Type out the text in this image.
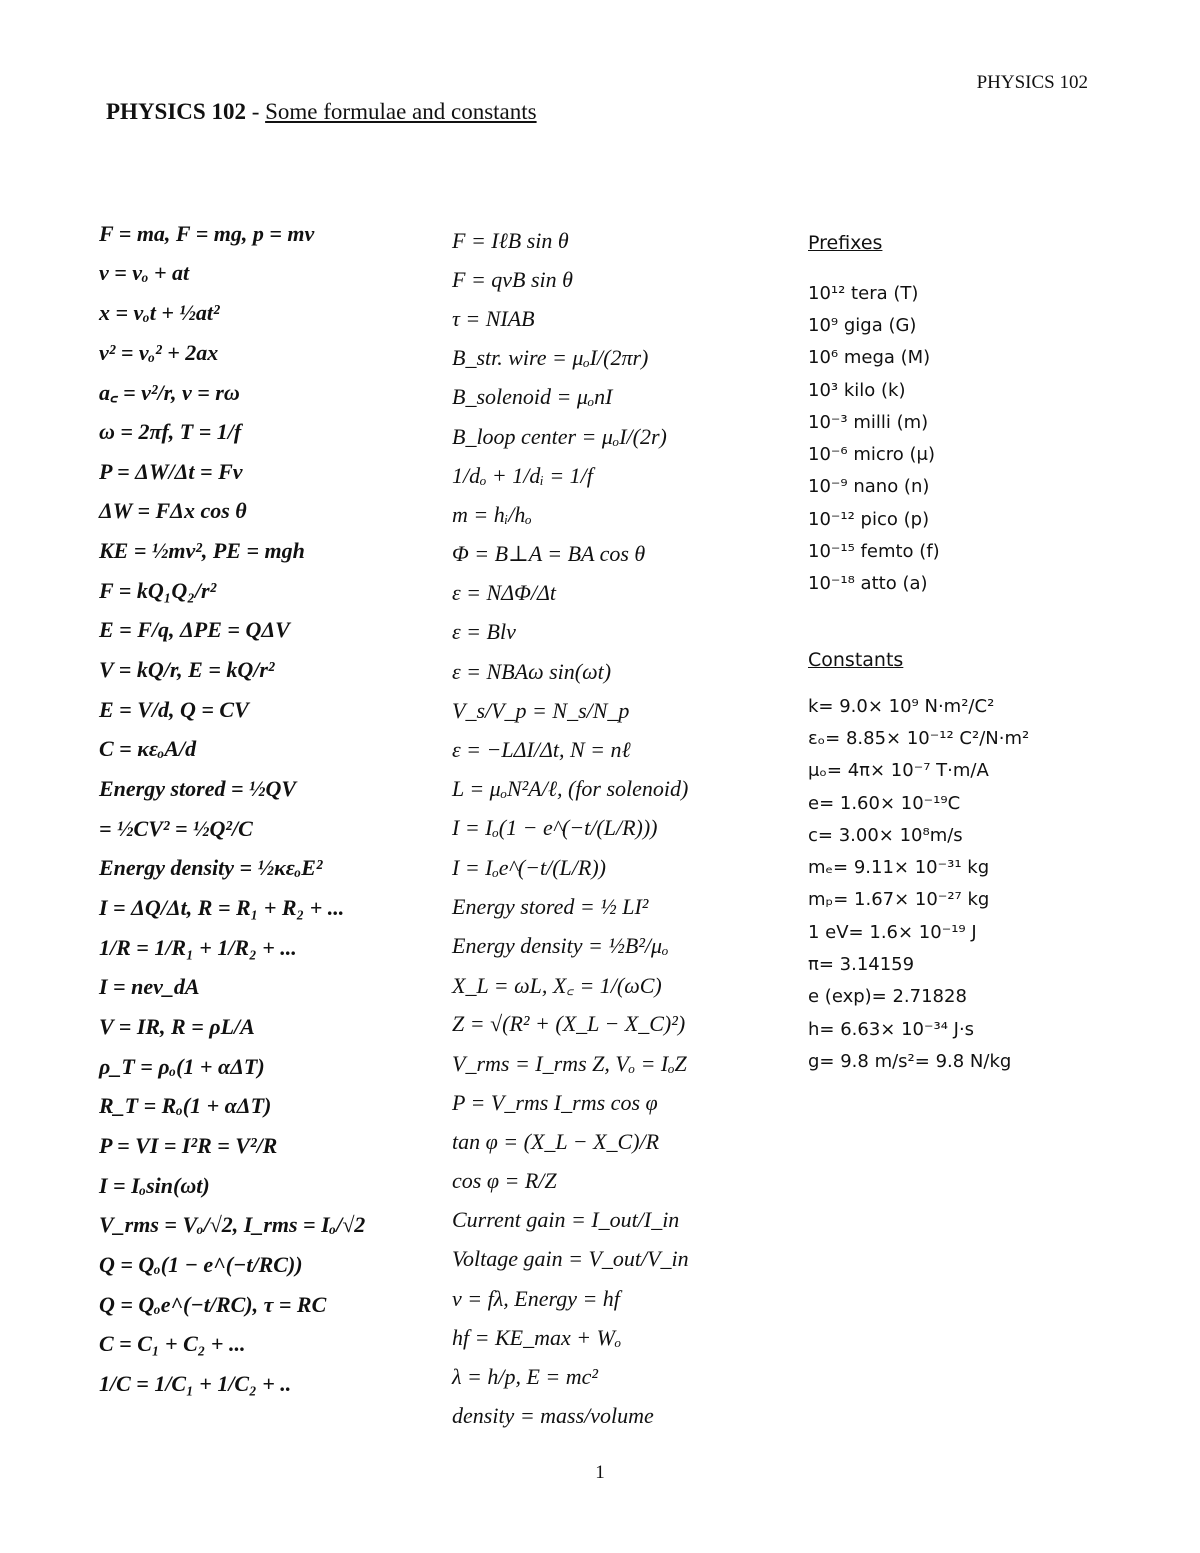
PHYSICS 102
PHYSICS 102 - Some formulae and constants
F = ma, F = mg, p = mv
v = vₒ + at
x = vₒt + ½at²
v² = vₒ² + 2ax
a꜀ = v²/r, v = rω
ω = 2πf, T = 1/f
P = ΔW/Δt = Fv
ΔW = FΔx cos θ
KE = ½mv², PE = mgh
F = kQ₁Q₂/r²
E = F/q, ΔPE = QΔV
V = kQ/r, E = kQ/r²
E = V/d, Q = CV
C = κεₒA/d
Energy stored = ½QV
= ½CV² = ½Q²/C
Energy density = ½κεₒE²
I = ΔQ/Δt, R = R₁ + R₂ + ...
1/R = 1/R₁ + 1/R₂ + ...
I = nev_dA
V = IR, R = ρL/A
ρ_T = ρₒ(1 + αΔT)
R_T = Rₒ(1 + αΔT)
P = VI = I²R = V²/R
I = Iₒsin(ωt)
V_rms = Vₒ/√2, I_rms = Iₒ/√2
Q = Qₒ(1 − e^(−t/RC))
Q = Qₒe^(−t/RC), τ = RC
C = C₁ + C₂ + ...
1/C = 1/C₁ + 1/C₂ + ..
F = IℓB sin θ
F = qvB sin θ
τ = NIAB
B_str. wire = μₒI/(2πr)
B_solenoid = μₒnI
B_loop center = μₒI/(2r)
1/dₒ + 1/dᵢ = 1/f
m = hᵢ/hₒ
Φ = B⊥A = BA cos θ
ε = NΔΦ/Δt
ε = Blv
ε = NBAω sin(ωt)
V_s/V_p = N_s/N_p
ε = −LΔI/Δt, N = nℓ
L = μₒN²A/ℓ, (for solenoid)
I = Iₒ(1 − e^(−t/(L/R)))
I = Iₒe^(−t/(L/R))
Energy stored = ½ LI²
Energy density = ½B²/μₒ
X_L = ωL, X꜀ = 1/(ωC)
Z = √(R² + (X_L − X_C)²)
V_rms = I_rms Z, Vₒ = IₒZ
P = V_rms I_rms cos φ
tan φ = (X_L − X_C)/R
cos φ = R/Z
Current gain = I_out/I_in
Voltage gain = V_out/V_in
v = fλ, Energy = hf
hf = KE_max + Wₒ
λ = h/p, E = mc²
density = mass/volume
Prefixes
10¹² tera (T)
10⁹ giga (G)
10⁶ mega (M)
10³ kilo (k)
10⁻³ milli (m)
10⁻⁶ micro (μ)
10⁻⁹ nano (n)
10⁻¹² pico (p)
10⁻¹⁵ femto (f)
10⁻¹⁸ atto (a)
Constants
k= 9.0× 10⁹ N·m²/C²
εₒ= 8.85× 10⁻¹² C²/N·m²
μₒ= 4π× 10⁻⁷ T·m/A
e= 1.60× 10⁻¹⁹C
c= 3.00× 10⁸m/s
mₑ= 9.11× 10⁻³¹ kg
mₚ= 1.67× 10⁻²⁷ kg
1 eV= 1.6× 10⁻¹⁹ J
π= 3.14159
e (exp)= 2.71828
h= 6.63× 10⁻³⁴ J·s
g= 9.8 m/s²= 9.8 N/kg
1
